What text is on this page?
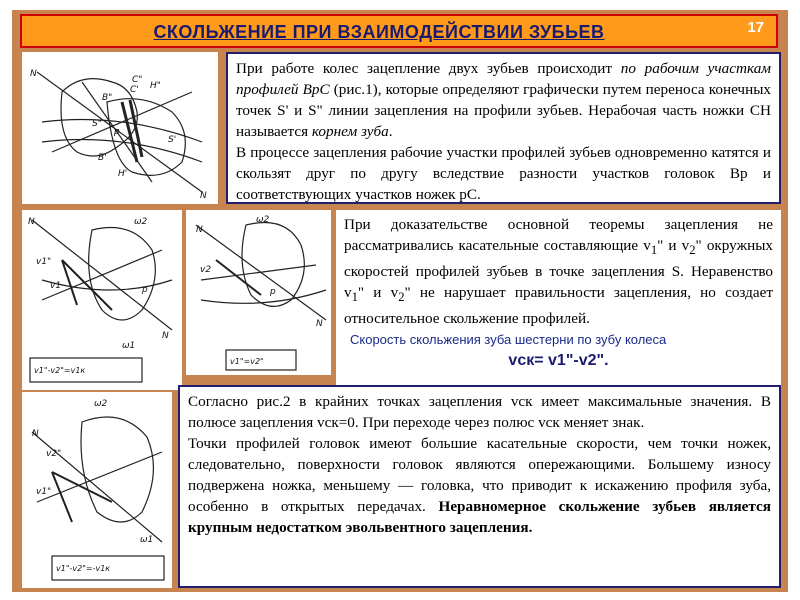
СКОЛЬЖЕНИЕ ПРИ ВЗАИМОДЕЙСТВИИ ЗУБЬЕВ	17
N
N
B"
C'
p
S'
S"
B'
H'
C"
H"

При работе колес зацепление двух зубьев происходит по рабочим участкам профилей ВрС (рис.1), которые определяют графически путем переноса конечных точек S' и S" линии зацепления на профили зубьев. Нерабочая часть ножки СН называется корнем зуба.

В процессе зацепления рабочие участки профилей зубьев одновременно катятся и скользят друг по другу вследствие разности участков головок Вр и соответствующих участков ножек рС.

N	ω2
v1"
v1	p
ω1
N
v1"-v2"=v1к
N
ω2
v2
p
N
v1"=v2"
N
ω2
v2"
v1"
ω1
v1"-v2"=-v1к

При доказательстве основной теоремы зацепления не рассматривались касательные составляющие $v_1$" и $v_2$" окружных скоростей профилей зубьев в точке зацепления S. Неравенство $v_1$" и $v_2$" не нарушает правильности зацепления, но создает относительное скольжение профилей.

Скорость скольжения зуба шестерни по зубу колеса

vск= v1"-v2".

Согласно рис.2 в крайних точках зацепления vск имеет максимальные значения. В полюсе зацепления vск=0. При переходе через полюс vск меняет знак.

Точки профилей головок имеют большие касательные скорости, чем точки ножек, следовательно, поверхности головок являются опережающими. Большему износу подвержена ножка, меньшему — головка, что приводит к искажению профиля зуба, особенно в открытых передачах. Неравномерное скольжение зубьев является крупным недостатком эвольвентного зацепления.
